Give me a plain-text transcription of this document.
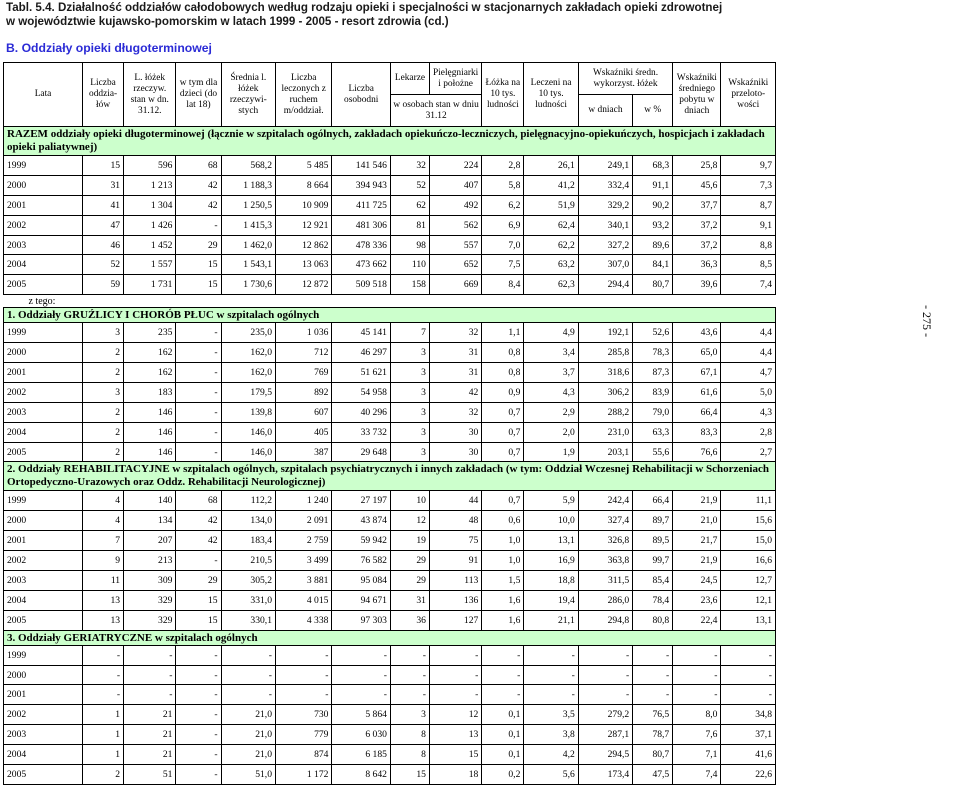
Tabl. 5.4. Działalność oddziałów całodobowych według rodzaju opieki i specjalności w stacjonarnych zakładach opieki zdrowotnej
w województwie kujawsko-pomorskim w latach 1999 - 2005 - resort zdrowia (cd.)
B. Oddziały opieki długoterminowej
- 275 -
Lata	Liczba oddzia-łów	L. łóżek rzeczyw. stan w dn. 31.12.	w tym dla dzieci (do lat 18)	Średnia l. łóżek rzeczywi-stych	Liczba leczonych z ruchem m/oddział.	Liczba osobodni	Lekarze	Pielęgniarki i położne	Łóżka na 10 tys. ludności	Leczeni na 10 tys. ludności	Wskaźniki średn. wykorzyst. łóżek		Wskaźniki średniego pobytu w dniach	Wskaźniki przeloto-wości
							w osobach stan w dniu 31.12				w dniach	w %		
RAZEM oddziały opieki długoterminowej (łącznie w szpitalach ogólnych, zakładach opiekuńczo-leczniczych, pielęgnacyjno-opiekuńczych, hospicjach i zakładach opieki paliatywnej)														
1999	15	596	68	568,2	5 485	141 546	32	224	2,8	26,1	249,1	68,3	25,8	9,7
2000	31	1 213	42	1 188,3	8 664	394 943	52	407	5,8	41,2	332,4	91,1	45,6	7,3
2001	41	1 304	42	1 250,5	10 909	411 725	62	492	6,2	51,9	329,2	90,2	37,7	8,7
2002	47	1 426	-	1 415,3	12 921	481 306	81	562	6,9	62,4	340,1	93,2	37,2	9,1
2003	46	1 452	29	1 462,0	12 862	478 336	98	557	7,0	62,2	327,2	89,6	37,2	8,8
2004	52	1 557	15	1 543,1	13 063	473 662	110	652	7,5	63,2	307,0	84,1	36,3	8,5
2005	59	1 731	15	1 730,6	12 872	509 518	158	669	8,4	62,3	294,4	80,7	39,6	7,4
z tego:														
1. Oddziały GRUŹLICY I CHORÓB PŁUC w szpitalach ogólnych														
1999	3	235	-	235,0	1 036	45 141	7	32	1,1	4,9	192,1	52,6	43,6	4,4
2000	2	162	-	162,0	712	46 297	3	31	0,8	3,4	285,8	78,3	65,0	4,4
2001	2	162	-	162,0	769	51 621	3	31	0,8	3,7	318,6	87,3	67,1	4,7
2002	3	183	-	179,5	892	54 958	3	42	0,9	4,3	306,2	83,9	61,6	5,0
2003	2	146	-	139,8	607	40 296	3	32	0,7	2,9	288,2	79,0	66,4	4,3
2004	2	146	-	146,0	405	33 732	3	30	0,7	2,0	231,0	63,3	83,3	2,8
2005	2	146	-	146,0	387	29 648	3	30	0,7	1,9	203,1	55,6	76,6	2,7
2. Oddziały REHABILITACYJNE w szpitalach ogólnych, szpitalach psychiatrycznych i innych zakładach (w tym: Oddział Wczesnej Rehabilitacji w Schorzeniach Ortopedyczno-Urazowych oraz Oddz. Rehabilitacji Neurologicznej)														
1999	4	140	68	112,2	1 240	27 197	10	44	0,7	5,9	242,4	66,4	21,9	11,1
2000	4	134	42	134,0	2 091	43 874	12	48	0,6	10,0	327,4	89,7	21,0	15,6
2001	7	207	42	183,4	2 759	59 942	19	75	1,0	13,1	326,8	89,5	21,7	15,0
2002	9	213	-	210,5	3 499	76 582	29	91	1,0	16,9	363,8	99,7	21,9	16,6
2003	11	309	29	305,2	3 881	95 084	29	113	1,5	18,8	311,5	85,4	24,5	12,7
2004	13	329	15	331,0	4 015	94 671	31	136	1,6	19,4	286,0	78,4	23,6	12,1
2005	13	329	15	330,1	4 338	97 303	36	127	1,6	21,1	294,8	80,8	22,4	13,1
3. Oddziały GERIATRYCZNE w szpitalach ogólnych														
1999	-	-	-	-	-	-	-	-	-	-	-	-	-	-
2000	-	-	-	-	-	-	-	-	-	-	-	-	-	-
2001	-	-	-	-	-	-	-	-	-	-	-	-	-	-
2002	1	21	-	21,0	730	5 864	3	12	0,1	3,5	279,2	76,5	8,0	34,8
2003	1	21	-	21,0	779	6 030	8	13	0,1	3,8	287,1	78,7	7,6	37,1
2004	1	21	-	21,0	874	6 185	8	15	0,1	4,2	294,5	80,7	7,1	41,6
2005	2	51	-	51,0	1 172	8 642	15	18	0,2	5,6	173,4	47,5	7,4	22,6
